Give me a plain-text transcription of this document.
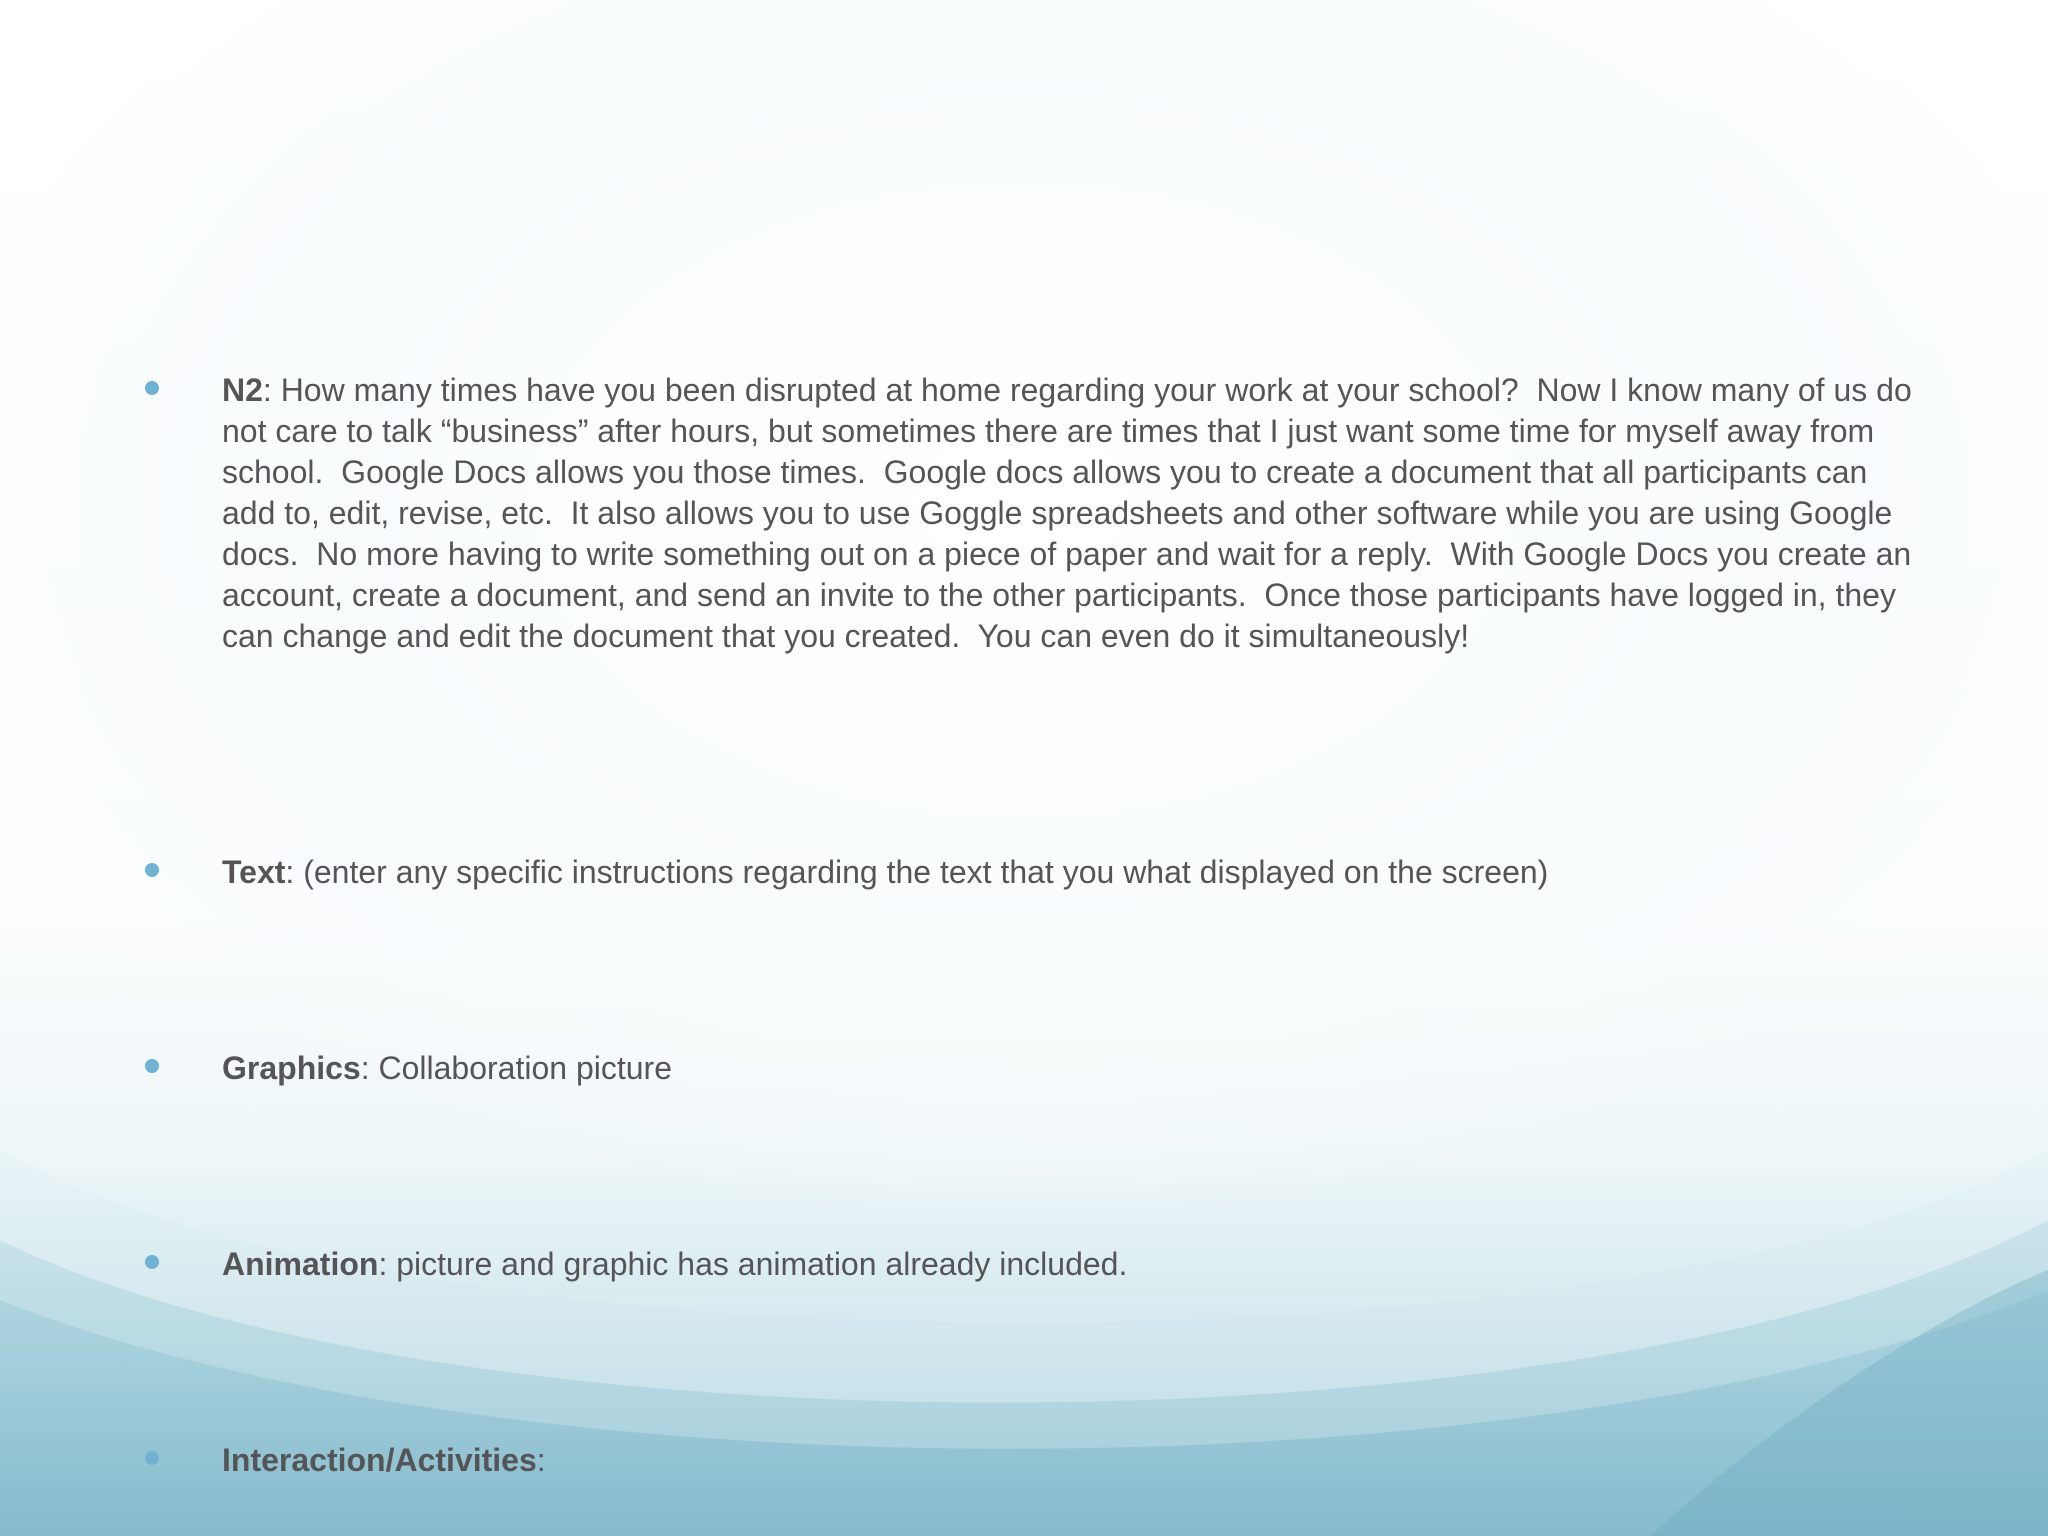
N2: How many times have you been disrupted at home regarding your work at your school?  Now I know many of us do not care to talk “business” after hours, but sometimes there are times that I just want some time for myself away from school.  Google Docs allows you those times.  Google docs allows you to create a document that all participants can add to, edit, revise, etc.  It also allows you to use Goggle spreadsheets and other software while you are using Google docs.  No more having to write something out on a piece of paper and wait for a reply.  With Google Docs you create an account, create a document, and send an invite to the other participants.  Once those participants have logged in, they can change and edit the document that you created.  You can even do it simultaneously!
Text: (enter any specific instructions regarding the text that you what displayed on the screen)
Graphics: Collaboration picture
Animation: picture and graphic has animation already included.
Interaction/Activities:
